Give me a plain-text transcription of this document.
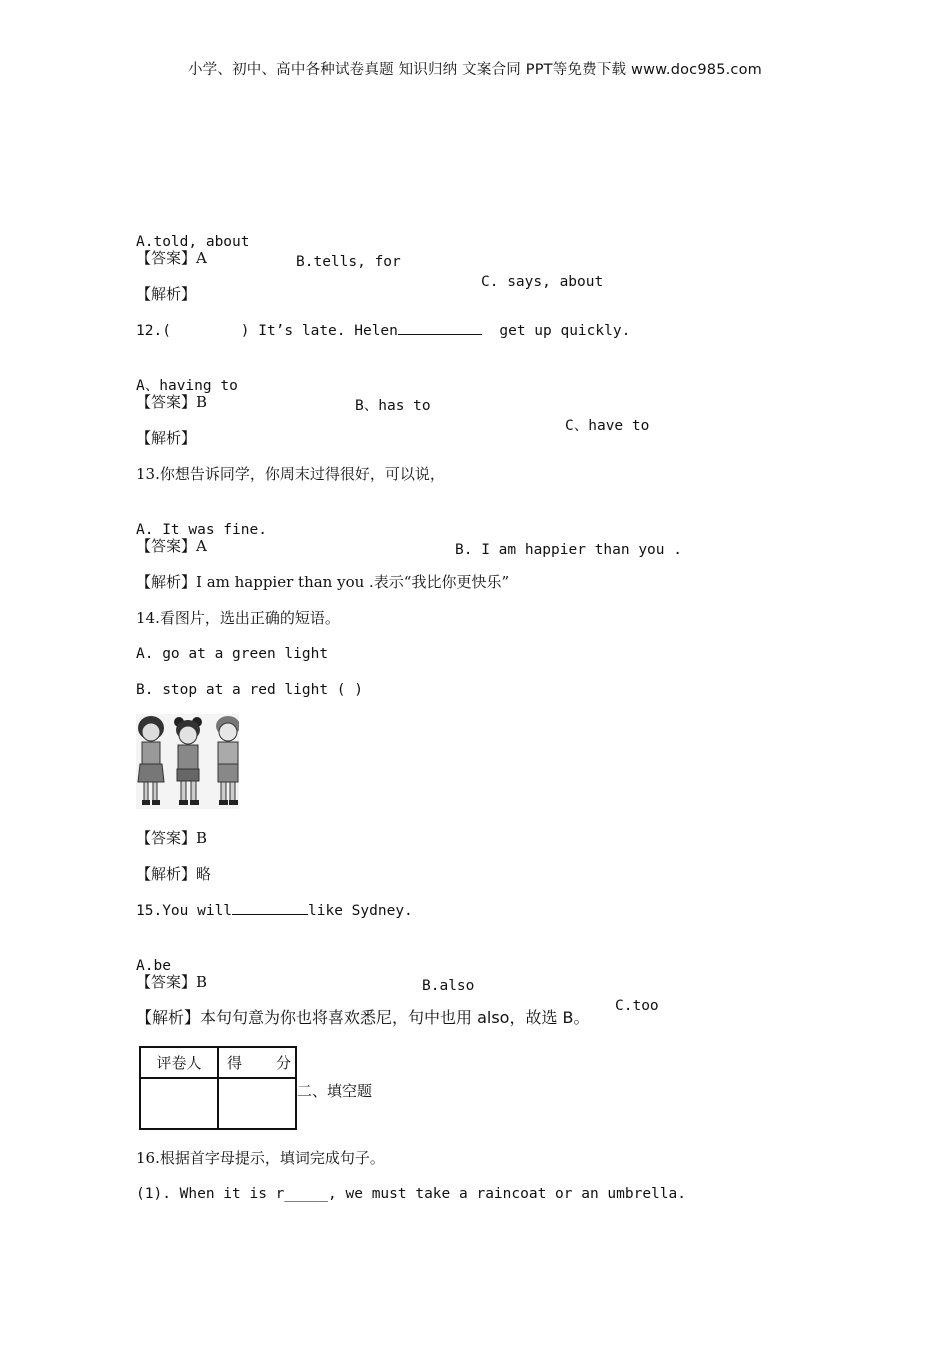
小学、初中、高中各种试卷真题 知识归纳 文案合同 PPT等免费下载 www.doc985.com

A.told, about

B.tells, for

C. says, about

【答案】A
【解析】
12.(        ) It’s late. Helen	get up quickly.

A、having to

B、has to

C、have to

【答案】B
【解析】
13.你想告诉同学，你周末过得很好，可以说，

A. It was fine.

B. I am happier than you .

【答案】A
【解析】I am happier than you .表示“我比你更快乐”
14.看图片，选出正确的短语。
A. go at a green light
B. stop at a red light ( )
【答案】B
【解析】略
15.You will	like Sydney.

A.be

B.also

C.too

【答案】B
【解析】本句句意为你也将喜欢悉尼，句中也用 also，故选 B。
评卷人	得 分

二、填空题
16.根据首字母提示，填词完成句子。
(1). When it is r_____, we must take a raincoat or an umbrella.
